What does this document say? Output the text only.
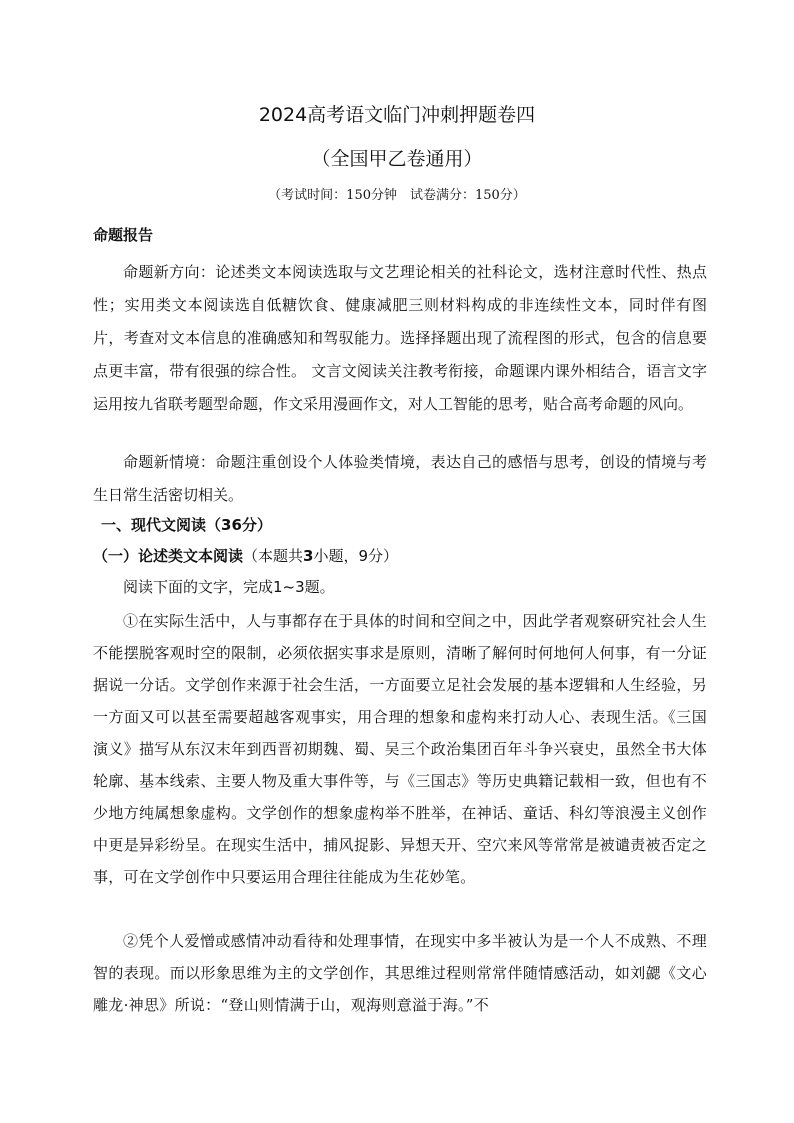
2024高考语文临门冲刺押题卷四
（全国甲乙卷通用）
（考试时间：150分钟　试卷满分：150分）
命题报告

命题新方向：论述类文本阅读选取与文艺理论相关的社科论文，选材注意时代性、热点性；实用类文本阅读选自低糖饮食、健康减肥三则材料构成的非连续性文本，同时伴有图片，考查对文本信息的准确感知和驾驭能力。选择择题出现了流程图的形式，包含的信息要点更丰富，带有很强的综合性。 文言文阅读关注教考衔接，命题课内课外相结合，语言文字运用按九省联考题型命题，作文采用漫画作文，对人工智能的思考，贴合高考命题的风向。

命题新情境：命题注重创设个人体验类情境，表达自己的感悟与思考，创设的情境与考生日常生活密切相关。

一、现代文阅读（36分）
（一）论述类文本阅读（本题共3小题，9分）
阅读下面的文字，完成1~3题。

①在实际生活中，人与事都存在于具体的时间和空间之中，因此学者观察研究社会人生不能摆脱客观时空的限制，必须依据实事求是原则，清晰了解何时何地何人何事，有一分证据说一分话。文学创作来源于社会生活，一方面要立足社会发展的基本逻辑和人生经验，另一方面又可以甚至需要超越客观事实，用合理的想象和虚构来打动人心、表现生活。《三国演义》描写从东汉末年到西晋初期魏、蜀、吴三个政治集团百年斗争兴衰史，虽然全书大体轮廓、基本线索、主要人物及重大事件等，与《三国志》等历史典籍记载相一致，但也有不少地方纯属想象虚构。文学创作的想象虚构举不胜举，在神话、童话、科幻等浪漫主义创作中更是异彩纷呈。在现实生活中，捕风捉影、异想天开、空穴来风等常常是被谴责被否定之事，可在文学创作中只要运用合理往往能成为生花妙笔。

②凭个人爱憎或感情冲动看待和处理事情，在现实中多半被认为是一个人不成熟、不理智的表现。而以形象思维为主的文学创作，其思维过程则常常伴随情感活动，如刘勰《文心雕龙·神思》所说：“登山则情满于山，观海则意溢于海。”不
